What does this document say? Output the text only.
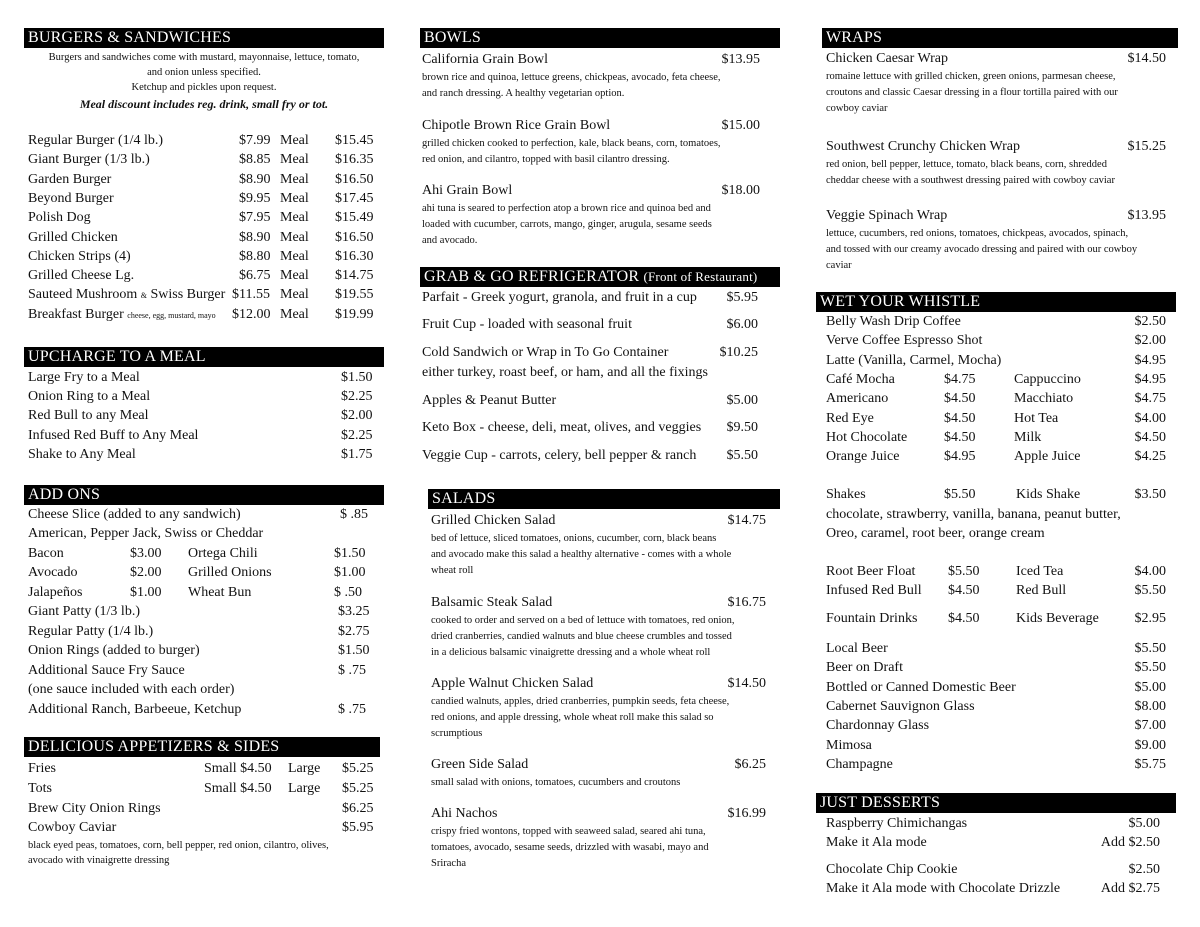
BURGERS & SANDWICHES
Burgers and sandwiches come with mustard, mayonnaise, lettuce, tomato,
and onion unless specified.
Ketchup and pickles upon request.
Meal discount includes reg. drink, small fry or tot.
UPCHARGE TO A MEAL
ADD ONS
Cheese Slice (added to any sandwich)	$ .85
American, Pepper Jack, Swiss or Cheddar
DELICIOUS APPETIZERS & SIDES
Fries	Small $4.50 Large $5.25
Tots	Small $4.50 Large $5.25
Brew City Onion Rings	$6.25
Cowboy Caviar	$5.95
black eyed peas, tomatoes, corn, bell pepper, red onion, cilantro, olives,
avocado with vinaigrette dressing
BOWLS
GRAB & GO REFRIGERATOR (Front of Restaurant)
SALADS
WRAPS
WET YOUR WHISTLE
JUST DESSERTS
Regular Burger (1/4 lb.)	$7.99 Meal $15.45
Giant Burger (1/3 lb.)	$8.85 Meal $16.35
Garden Burger	$8.90 Meal $16.50
Beyond Burger	$9.95 Meal $17.45
Polish Dog	$7.95 Meal $15.49
Grilled Chicken	$8.90 Meal $16.50
Chicken Strips (4)	$8.80 Meal $16.30
Grilled Cheese Lg.	$6.75 Meal $14.75
Sauteed Mushroom & Swiss Burger $11.55 Meal $19.55
Breakfast Burger cheese, egg, mustard, mayo $12.00 Meal $19.99
Large Fry to a Meal	$1.50
Onion Ring to a Meal	$2.25
Red Bull to any Meal	$2.00
Infused Red Buff to Any Meal	$2.25
Shake to Any Meal	$1.75
Bacon	$3.00 Ortega Chili	$1.50
Avocado	$2.00 Grilled Onions	$1.00
Jalapeños	$1.00 Wheat Bun	$ .50
Giant Patty (1/3 lb.)	$3.25
Regular Patty (1/4 lb.)	$2.75
Onion Rings (added to burger)	$1.50
Additional Sauce Fry Sauce	$ .75
(one sauce included with each order)
Additional Ranch, Barbeeue, Ketchup	$ .75
California Grain Bowl	$13.95
brown rice and quinoa, lettuce greens, chickpeas, avocado, feta cheese,
and ranch dressing. A healthy vegetarian option.
Chipotle Brown Rice Grain Bowl	$15.00
grilled chicken cooked to perfection, kale, black beans, corn, tomatoes,
red onion, and cilantro, topped with basil cilantro dressing.
Ahi Grain Bowl	$18.00
ahi tuna is seared to perfection atop a brown rice and quinoa bed and
loaded with cucumber, carrots, mango, ginger, arugula, sesame seeds
and avocado.
Parfait - Greek yogurt, granola, and fruit in a cup	$5.95
Fruit Cup - loaded with seasonal fruit	$6.00
Cold Sandwich or Wrap in To Go Container	$10.25
either turkey, roast beef, or ham, and all the fixings
Apples & Peanut Butter	$5.00
Keto Box - cheese, deli, meat, olives, and veggies	$9.50
Veggie Cup - carrots, celery, bell pepper & ranch	$5.50
Grilled Chicken Salad	$14.75
bed of lettuce, sliced tomatoes, onions, cucumber, corn, black beans
and avocado make this salad a healthy alternative - comes with a whole
wheat roll
Balsamic Steak Salad	$16.75
cooked to order and served on a bed of lettuce with tomatoes, red onion,
dried cranberries, candied walnuts and blue cheese crumbles and tossed
in a delicious balsamic vinaigrette dressing and a whole wheat roll
Apple Walnut Chicken Salad	$14.50
candied walnuts, apples, dried cranberries, pumpkin seeds, feta cheese,
red onions, and apple dressing, whole wheat roll make this salad so
scrumptious
Green Side Salad	$6.25
small salad with onions, tomatoes, cucumbers and croutons
Ahi Nachos	$16.99
crispy fried wontons, topped with seaweed salad, seared ahi tuna,
tomatoes, avocado, sesame seeds, drizzled with wasabi, mayo and
Sriracha
Chicken Caesar Wrap	$14.50
romaine lettuce with grilled chicken, green onions, parmesan cheese,
croutons and classic Caesar dressing in a flour tortilla paired with our
cowboy caviar
Southwest Crunchy Chicken Wrap	$15.25
red onion, bell pepper, lettuce, tomato, black beans, corn, shredded
cheddar cheese with a southwest dressing paired with cowboy caviar
Veggie Spinach Wrap	$13.95
lettuce, cucumbers, red onions, tomatoes, chickpeas, avocados, spinach,
and tossed with our creamy avocado dressing and paired with our cowboy
caviar
Belly Wash Drip Coffee	$2.50
Verve Coffee Espresso Shot	$2.00
Latte (Vanilla, Carmel, Mocha)	$4.95
Café Mocha	$4.75	Cappuccino	$4.95
Americano	$4.50	Macchiato	$4.75
Red Eye	$4.50	Hot Tea	$4.00
Hot Chocolate	$4.50	Milk	$4.50
Orange Juice	$4.95	Apple Juice	$4.25
Shakes	$5.50	Kids Shake	$3.50
chocolate, strawberry, vanilla, banana, peanut butter,
Oreo, caramel, root beer, orange cream
Root Beer Float $5.50	Iced Tea	$4.00
Infused Red Bull $4.50	Red Bull	$5.50
Fountain Drinks $4.50	Kids Beverage	$2.95
Local Beer	$5.50
Beer on Draft	$5.50
Bottled or Canned Domestic Beer	$5.00
Cabernet Sauvignon Glass	$8.00
Chardonnay Glass	$7.00
Mimosa	$9.00
Champagne	$5.75
Raspberry Chimichangas	$5.00
Make it Ala mode	Add $2.50
Chocolate Chip Cookie	$2.50
Make it Ala mode with Chocolate Drizzle	Add $2.75
